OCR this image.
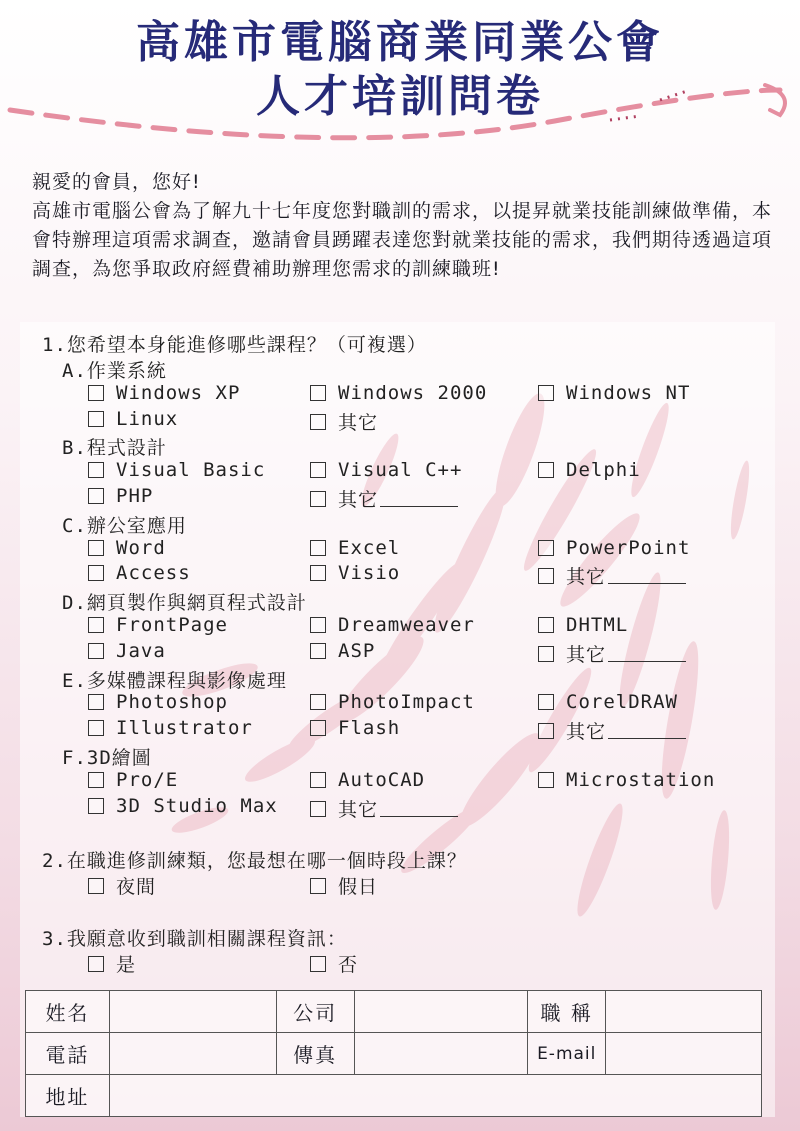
高雄市電腦商業同業公會
人才培訓問卷
親愛的會員，您好!
高雄市電腦公會為了解九十七年度您對職訓的需求，以提昇就業技能訓練做準備，本會特辦理這項需求調查，邀請會員踴躍表達您對就業技能的需求，我們期待透過這項調查，為您爭取政府經費補助辦理您需求的訓練職班!
1.您希望本身能進修哪些課程？（可複選）
A.作業系統
Windows XP	Windows 2000	Windows NT
Linux	其它
B.程式設計
Visual Basic	Visual C++	Delphi
PHP	其它
C.辦公室應用
Word	Excel	PowerPoint
Access	Visio	其它
D.網頁製作與網頁程式設計
FrontPage	Dreamweaver	DHTML
Java	ASP	其它
E.多媒體課程與影像處理
Photoshop	PhotoImpact	CorelDRAW
Illustrator	Flash	其它
F.3D繪圖
Pro/E	AutoCAD	Microstation
3D Studio Max	其它
2.在職進修訓練類，您最想在哪一個時段上課？
夜間	假日
3.我願意收到職訓相關課程資訊：
是	否
姓名		公司		職 稱	
電話		傳真		E-mail	
地址					
